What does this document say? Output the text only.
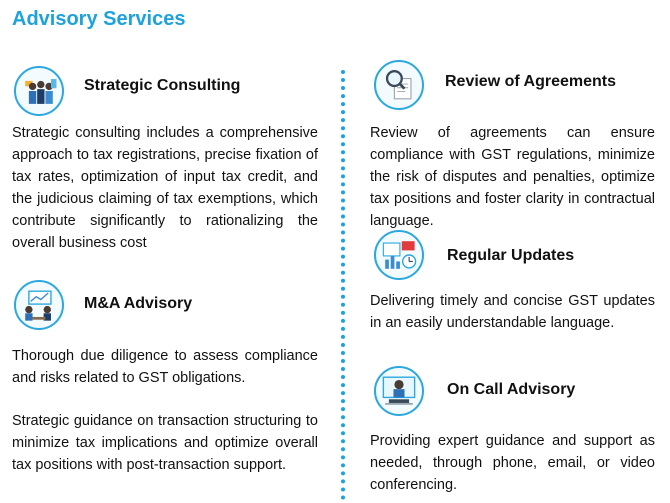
Advisory Services
Strategic Consulting
Strategic consulting includes a comprehensive approach to tax registrations, precise fixation of tax rates, optimization of input tax credit, and the judicious claiming of tax exemptions, which contribute significantly to rationalizing the overall business cost
M&A Advisory
Thorough due diligence to assess compliance and risks related to GST obligations.
Strategic guidance on transaction structuring to minimize tax implications and optimize overall tax positions with post-transaction support.
Review of Agreements
Review of agreements can ensure compliance with GST regulations, minimize the risk of disputes and penalties, optimize tax positions and foster clarity in contractual language.
Regular Updates
Delivering timely and concise GST updates in an easily understandable language.
On Call Advisory
Providing expert guidance and support as needed, through phone, email, or video conferencing.
